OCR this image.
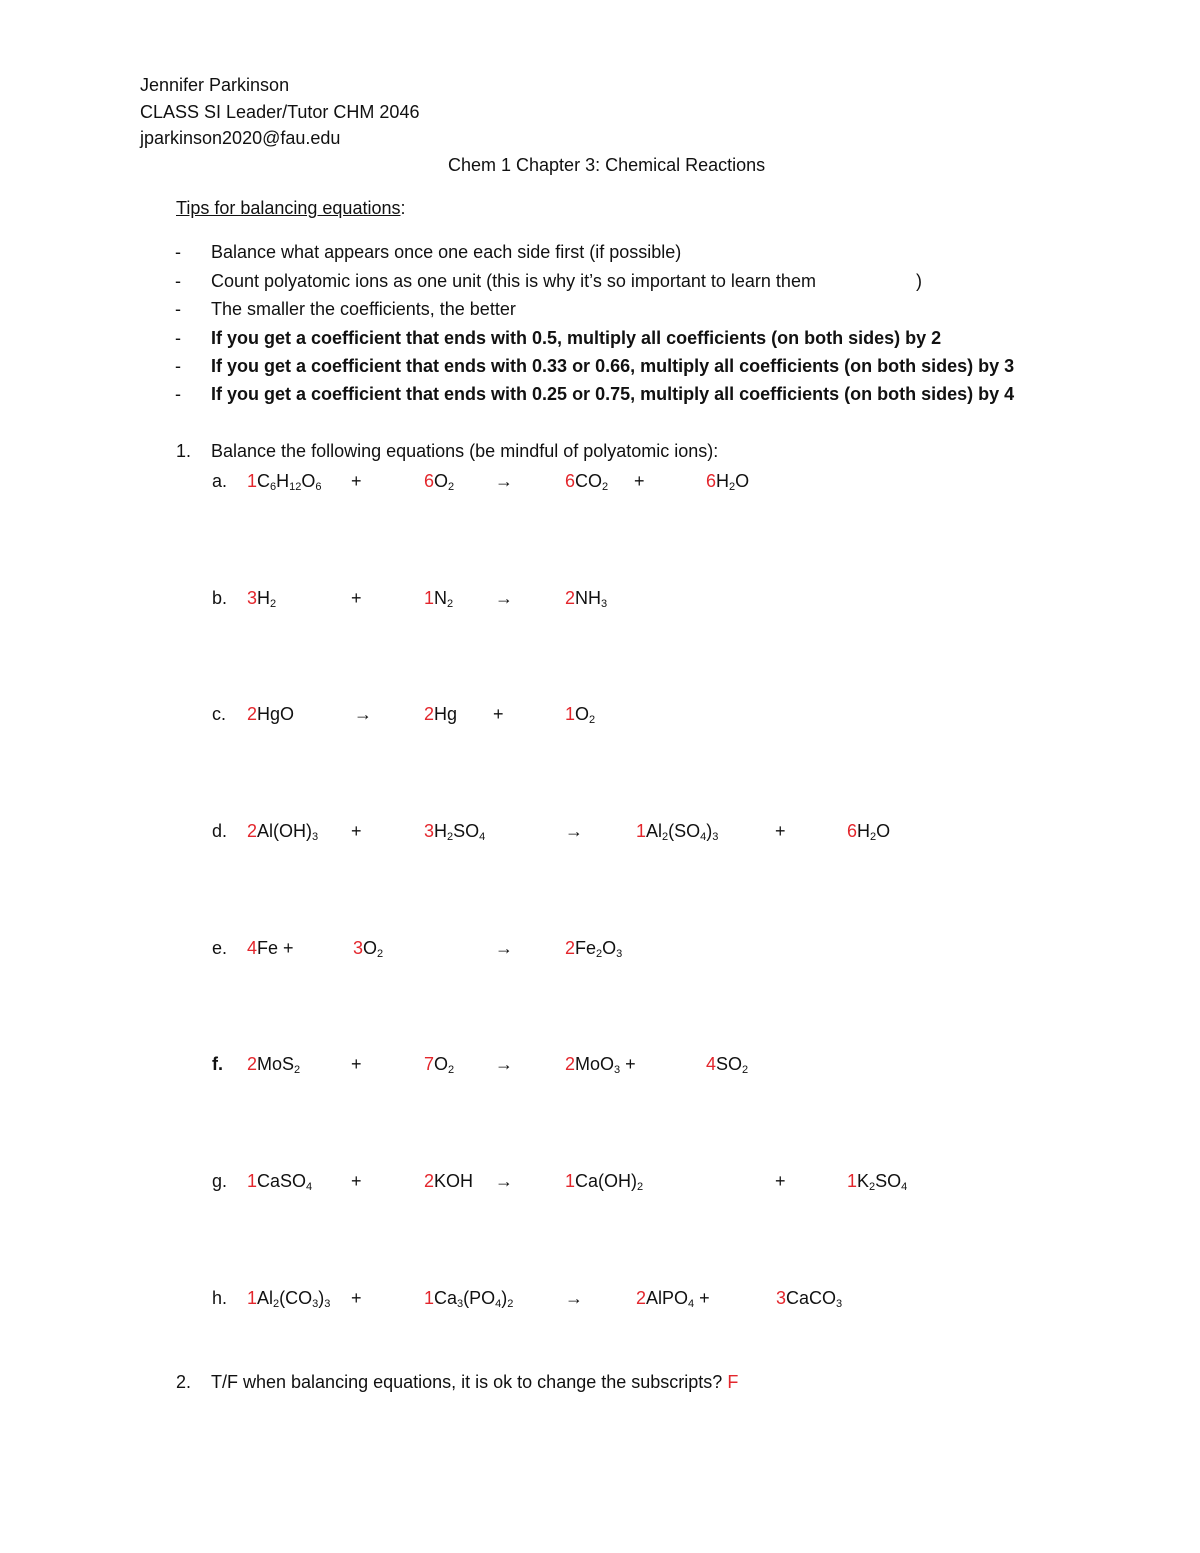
Jennifer Parkinson
CLASS SI Leader/Tutor CHM 2046
jparkinson2020@fau.edu
Chem 1 Chapter 3: Chemical Reactions
Tips for balancing equations:
- Balance what appears once one each side first (if possible)
- Count polyatomic ions as one unit (this is why it’s so important to learn them	)
- The smaller the coefficients, the better
- If you get a coefficient that ends with 0.5, multiply all coefficients (on both sides) by 2
- If you get a coefficient that ends with 0.33 or 0.66, multiply all coefficients (on both sides) by 3
- If you get a coefficient that ends with 0.25 or 0.75, multiply all coefficients (on both sides) by 4
1. Balance the following equations (be mindful of polyatomic ions):
a. $1C_6H_{12}O_6$ +	$6O_2$ →	$6CO_2$ +	$6H_2O$
b. $3H_2$	+	$1N_2$ →	$2NH_3$
c. 2HgO	→	2Hg +	$1O_2$
d. $2Al(OH)_3$ +	$3H_2SO_4$	→	$1Al_2(SO_4)_3$	+	$6H_2O$
e. 4Fe +	$3O_2$	→	$2Fe_2O_3$
f. 2MoS$_2$	+	$7O_2$ →	2MoO$_3$ +	$4SO_2$
g. 1CaSO$_4$ +	2KOH →	$1Ca(OH)_2$	+	$1K_2SO_4$
h. $1Al_2(CO_3)_3$ +	$1Ca_3(PO_4)_2$	→	2AlPO$_4$ +	3CaCO$_3$
2. T/F when balancing equations, it is ok to change the subscripts? F
